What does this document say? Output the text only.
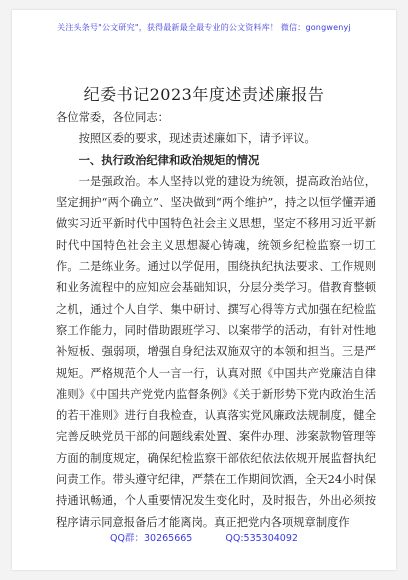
关注头条号"公文研究"，获得最新最全最专业的公文资料库！ 微信：gongwenyj
纪委书记2023年度述责述廉报告

各位常委，各位同志：

按照区委的要求，现述责述廉如下，请予评议。

一、执行政治纪律和政治规矩的情况

一是强政治。本人坚持以党的建设为统领，提高政治站位，坚定拥护“两个确立”、坚决做到“两个维护”，持之以恒学懂弄通做实习近平新时代中国特色社会主义思想，坚定不移用习近平新时代中国特色社会主义思想凝心铸魂，统领乡纪检监察一切工作。二是练业务。通过以学促用，围绕执纪执法要求、工作规则和业务流程中的应知应会基础知识，分层分类学习。借教育整顿之机，通过个人自学、集中研讨、撰写心得等方式加强在纪检监察工作能力，同时借助跟班学习、以案带学的活动，有针对性地补短板、强弱项，增强自身纪法双施双守的本领和担当。三是严规矩。严格规范个人一言一行，认真对照《中国共产党廉洁自律准则》《中国共产党党内监督条例》《关于新形势下党内政治生活的若干准则》进行自我检查，认真落实党风廉政法规制度，健全完善反映党员干部的问题线索处置、案件办理、涉案款物管理等方面的制度规定，确保纪检监察干部依纪依法依规开展监督执纪问责工作。带头遵守纪律，严禁在工作期间饮酒，全天24小时保持通讯畅通，个人重要情况发生变化时，及时报告，外出必须按程序请示同意报备后才能离岗。真正把党内各项规章制度作

QQ群：30265665	QQ:535304092
